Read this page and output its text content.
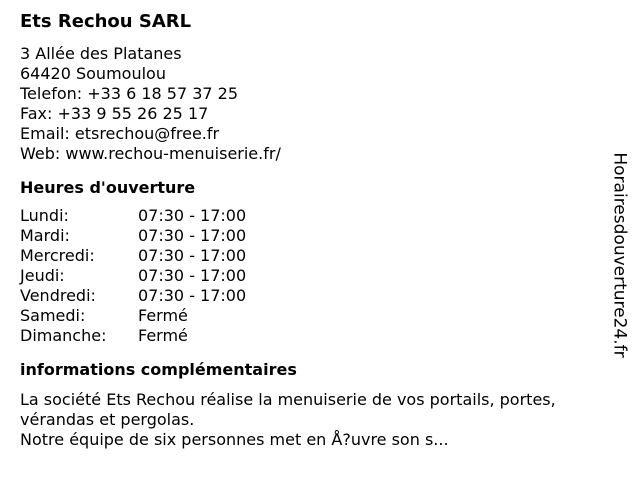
Ets Rechou SARL
3 Allée des Platanes
64420 Soumoulou
Telefon: +33 6 18 57 37 25
Fax: +33 9 55 26 25 17
Email: etsrechou@free.fr
Web: www.rechou-menuiserie.fr/
Heures d'ouverture
Lundi:	07:30 - 17:00
Mardi:	07:30 - 17:00
Mercredi:	07:30 - 17:00
Jeudi:	07:30 - 17:00
Vendredi:	07:30 - 17:00
Samedi:	Fermé
Dimanche:	Fermé
informations complémentaires
La société Ets Rechou réalise la menuiserie de vos portails, portes, vérandas et pergolas.
Notre équipe de six personnes met en Å?uvre son s...
Horairesdouverture24.fr
